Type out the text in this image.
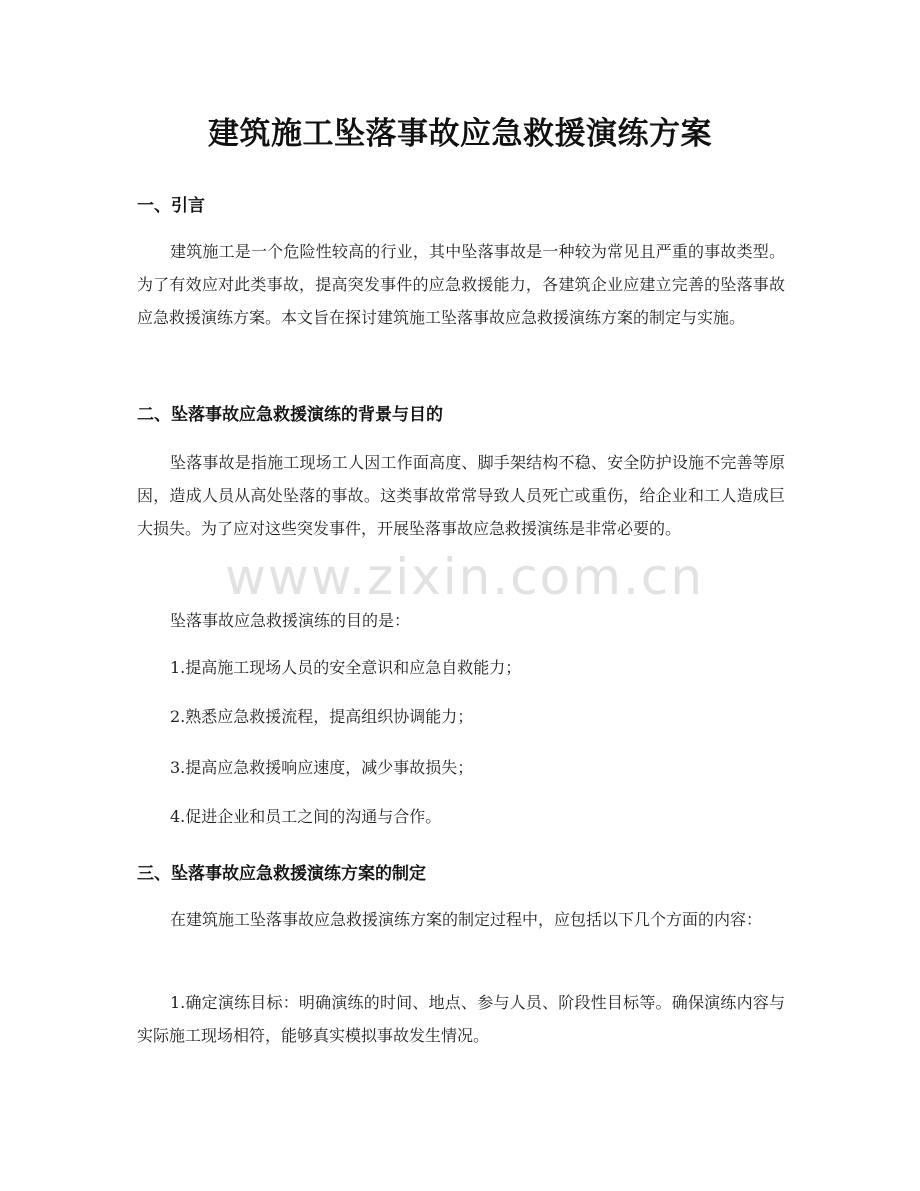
建筑施工坠落事故应急救援演练方案
一、引言
建筑施工是一个危险性较高的行业，其中坠落事故是一种较为常见且严重的事故类型。为了有效应对此类事故，提高突发事件的应急救援能力，各建筑企业应建立完善的坠落事故应急救援演练方案。本文旨在探讨建筑施工坠落事故应急救援演练方案的制定与实施。
二、坠落事故应急救援演练的背景与目的
坠落事故是指施工现场工人因工作面高度、脚手架结构不稳、安全防护设施不完善等原因，造成人员从高处坠落的事故。这类事故常常导致人员死亡或重伤，给企业和工人造成巨大损失。为了应对这些突发事件，开展坠落事故应急救援演练是非常必要的。
坠落事故应急救援演练的目的是：
1.提高施工现场人员的安全意识和应急自救能力；
2.熟悉应急救援流程，提高组织协调能力；
3.提高应急救援响应速度，减少事故损失；
4.促进企业和员工之间的沟通与合作。
三、坠落事故应急救援演练方案的制定
在建筑施工坠落事故应急救援演练方案的制定过程中，应包括以下几个方面的内容：
1.确定演练目标：明确演练的时间、地点、参与人员、阶段性目标等。确保演练内容与实际施工现场相符，能够真实模拟事故发生情况。
www.zixin.com.cn
